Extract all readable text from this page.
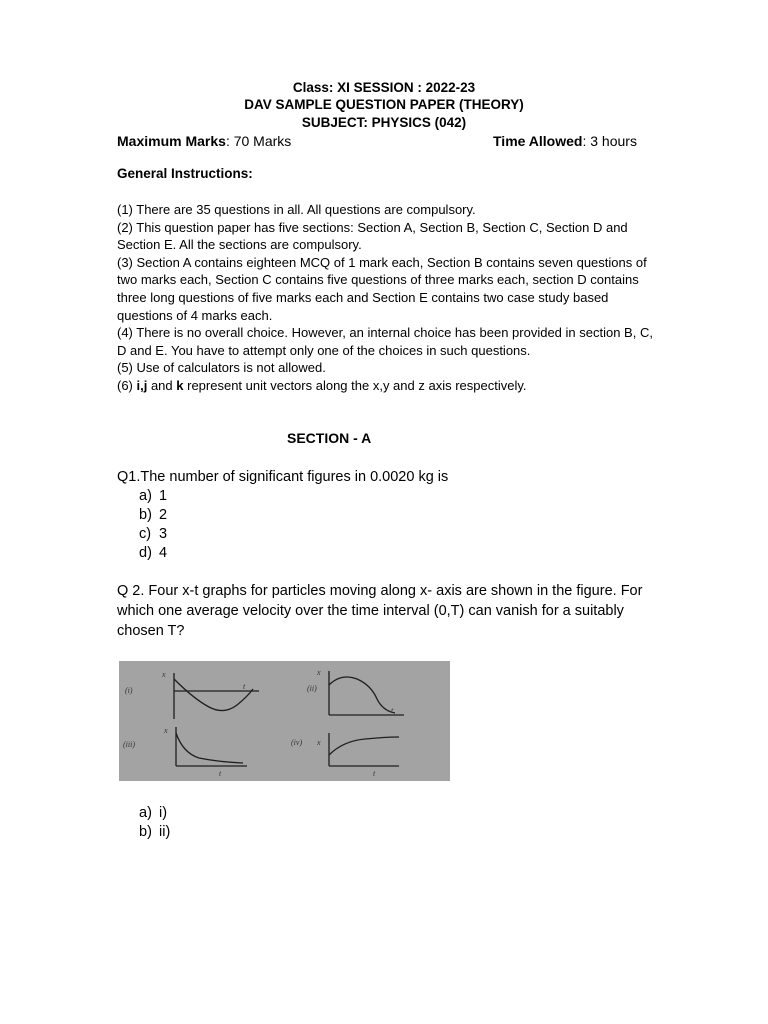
Class: XI SESSION : 2022-23
DAV SAMPLE QUESTION PAPER (THEORY)
SUBJECT: PHYSICS (042)
Maximum Marks: 70 Marks	Time Allowed: 3 hours
General Instructions:

(1) There are 35 questions in all. All questions are compulsory.

(2) This question paper has five sections: Section A, Section B, Section C, Section D and Section E. All the sections are compulsory.

(3) Section A contains eighteen MCQ of 1 mark each, Section B contains seven questions of two marks each, Section C contains five questions of three marks each, section D contains three long questions of five marks each and Section E contains two case study based questions of 4 marks each.

(4) There is no overall choice. However, an internal choice has been provided in section B, C, D and E. You have to attempt only one of the choices in such questions.

(5) Use of calculators is not allowed.

(6) i,j and k represent unit vectors along the x,y and z axis respectively.

SECTION - A
Q1.The number of significant figures in 0.0020 kg is
a) 1
b) 2
c) 3
d) 4
Q 2. Four x-t graphs for particles moving along x- axis are shown in the figure. For which one average velocity over the time interval (0,T) can vanish for a suitably chosen T?
(i)	(ii)
(iii)	(iv)
x	x
x
x
t
t
t	t
a) i)
b) ii)
